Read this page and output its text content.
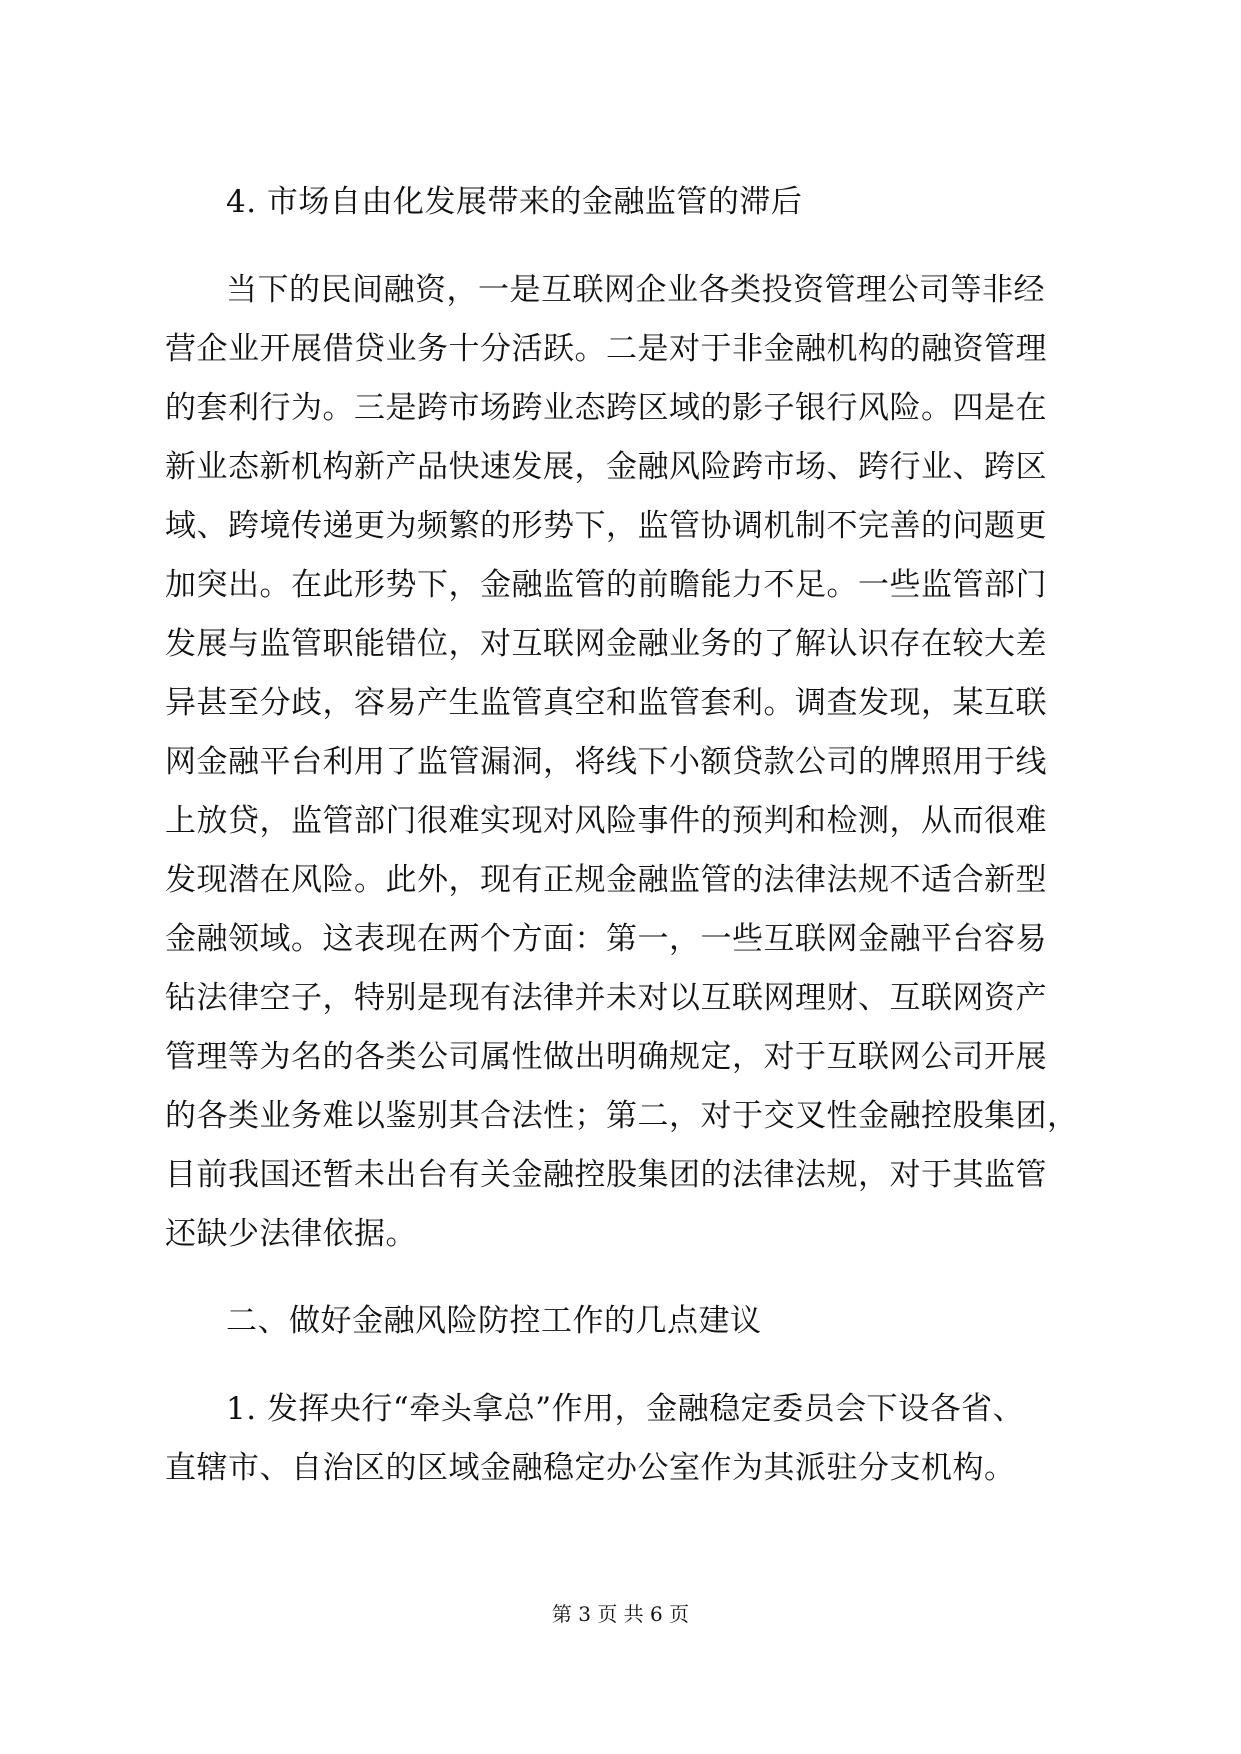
4. 市场自由化发展带来的金融监管的滞后
当下的民间融资，一是互联网企业各类投资管理公司等非经
营企业开展借贷业务十分活跃。二是对于非金融机构的融资管理
的套利行为。三是跨市场跨业态跨区域的影子银行风险。四是在
新业态新机构新产品快速发展，金融风险跨市场、跨行业、跨区
域、跨境传递更为频繁的形势下，监管协调机制不完善的问题更
加突出。在此形势下，金融监管的前瞻能力不足。一些监管部门
发展与监管职能错位，对互联网金融业务的了解认识存在较大差
异甚至分歧，容易产生监管真空和监管套利。调查发现，某互联
网金融平台利用了监管漏洞，将线下小额贷款公司的牌照用于线
上放贷，监管部门很难实现对风险事件的预判和检测，从而很难
发现潜在风险。此外，现有正规金融监管的法律法规不适合新型
金融领域。这表现在两个方面：第一，一些互联网金融平台容易
钻法律空子，特别是现有法律并未对以互联网理财、互联网资产
管理等为名的各类公司属性做出明确规定，对于互联网公司开展
的各类业务难以鉴别其合法性；第二，对于交叉性金融控股集团，
目前我国还暂未出台有关金融控股集团的法律法规，对于其监管
还缺少法律依据。
二、做好金融风险防控工作的几点建议
1. 发挥央行“牵头拿总”作用，金融稳定委员会下设各省、
直辖市、自治区的区域金融稳定办公室作为其派驻分支机构。
第 3 页 共 6 页
